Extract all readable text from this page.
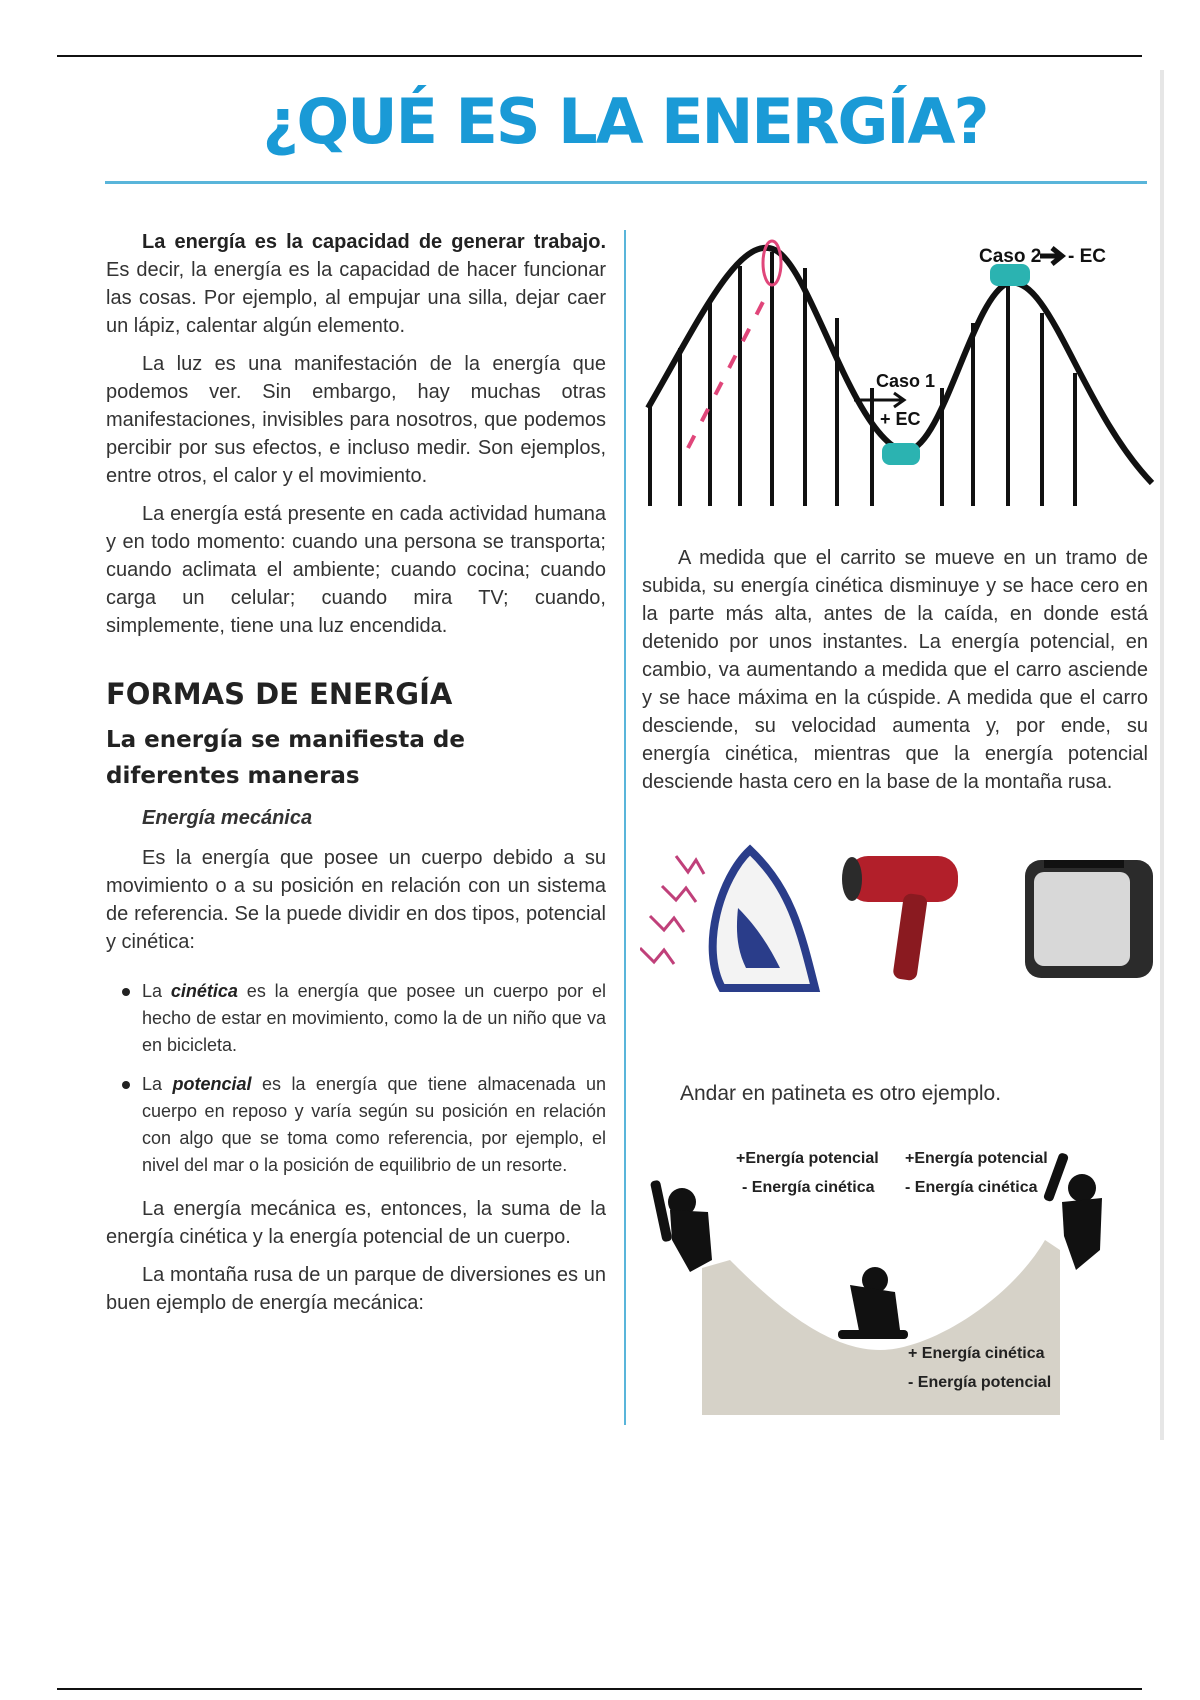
¿QUÉ ES LA ENERGÍA?

La energía es la capacidad de generar trabajo. Es decir, la energía es la capacidad de hacer funcionar las cosas. Por ejemplo, al empujar una silla, dejar caer un lápiz, calentar algún elemento.

La luz es una manifestación de la energía que podemos ver. Sin embargo, hay muchas otras manifestaciones, invisibles para nosotros, que podemos percibir por sus efectos, e incluso medir. Son ejemplos, entre otros, el calor y el movimiento.

La energía está presente en cada actividad humana y en todo momento: cuando una persona se transporta; cuando aclimata el ambiente; cuando cocina; cuando carga un celular; cuando mira TV; cuando, simplemente, tiene una luz encendida.

FORMAS DE ENERGÍA
La energía se manifiesta de diferentes maneras
Energía mecánica

Es la energía que posee un cuerpo debido a su movimiento o a su posición en relación con un sistema de referencia. Se la puede dividir en dos tipos, potencial y cinética:

La cinética es la energía que posee un cuerpo por el hecho de estar en movimiento, como la de un niño que va en bicicleta.
La potencial es la energía que tiene almacenada un cuerpo en reposo y varía según su posición en relación con algo que se toma como referencia, por ejemplo, el nivel del mar o la posición de equilibrio de un resorte.

La energía mecánica es, entonces, la suma de la energía cinética y la energía potencial de un cuerpo.

La montaña rusa de un parque de diversiones es un buen ejemplo de energía mecánica:

Caso 2 - EC
Caso 1
+ EC

A medida que el carrito se mueve en un tramo de subida, su energía cinética disminuye y se hace cero en la parte más alta, antes de la caída, en donde está detenido por unos instantes. La energía potencial, en cambio, va aumentando a medida que el carro asciende y se hace máxima en la cúspide. A medida que el carro desciende, su velocidad aumenta y, por ende, su energía cinética, mientras que la energía potencial desciende hasta cero en la base de la montaña rusa.

Andar en patineta es otro ejemplo.

+Energía potencial
- Energía cinética
+Energía potencial
- Energía cinética
+ Energía cinética
- Energía potencial
